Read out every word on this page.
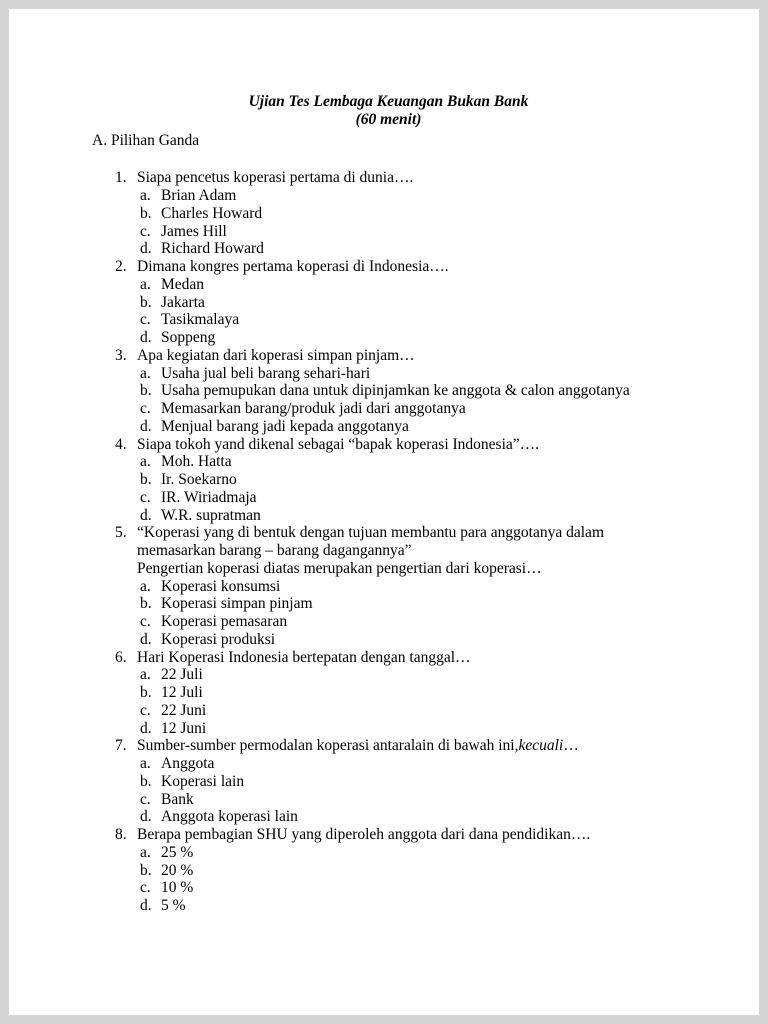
Ujian Tes Lembaga Keuangan Bukan Bank
(60 menit)
A. Pilihan Ganda
1. Siapa pencetus koperasi pertama di dunia….
a. Brian Adam
b. Charles Howard
c. James Hill
d. Richard Howard
2. Dimana kongres pertama koperasi di Indonesia….
a. Medan
b. Jakarta
c. Tasikmalaya
d. Soppeng
3. Apa kegiatan dari koperasi simpan pinjam…
a. Usaha jual beli barang sehari-hari
b. Usaha pemupukan dana untuk dipinjamkan ke anggota & calon anggotanya
c. Memasarkan barang/produk jadi dari anggotanya
d. Menjual barang jadi kepada anggotanya
4. Siapa tokoh yand dikenal sebagai “bapak koperasi Indonesia”….
a. Moh. Hatta
b. Ir. Soekarno
c. IR. Wiriadmaja
d. W.R. supratman
5. “Koperasi yang di bentuk dengan tujuan membantu para anggotanya dalam memasarkan barang – barang dagangannya”
Pengertian koperasi diatas merupakan pengertian dari koperasi…
a. Koperasi konsumsi
b. Koperasi simpan pinjam
c. Koperasi pemasaran
d. Koperasi produksi
6. Hari Koperasi Indonesia bertepatan dengan tanggal…
a. 22 Juli
b. 12 Juli
c. 22 Juni
d. 12 Juni
7. Sumber-sumber permodalan koperasi antaralain di bawah ini,kecuali…
a. Anggota
b. Koperasi lain
c. Bank
d. Anggota koperasi lain
8. Berapa pembagian SHU yang diperoleh anggota dari dana pendidikan….
a. 25 %
b. 20 %
c. 10 %
d. 5 %
